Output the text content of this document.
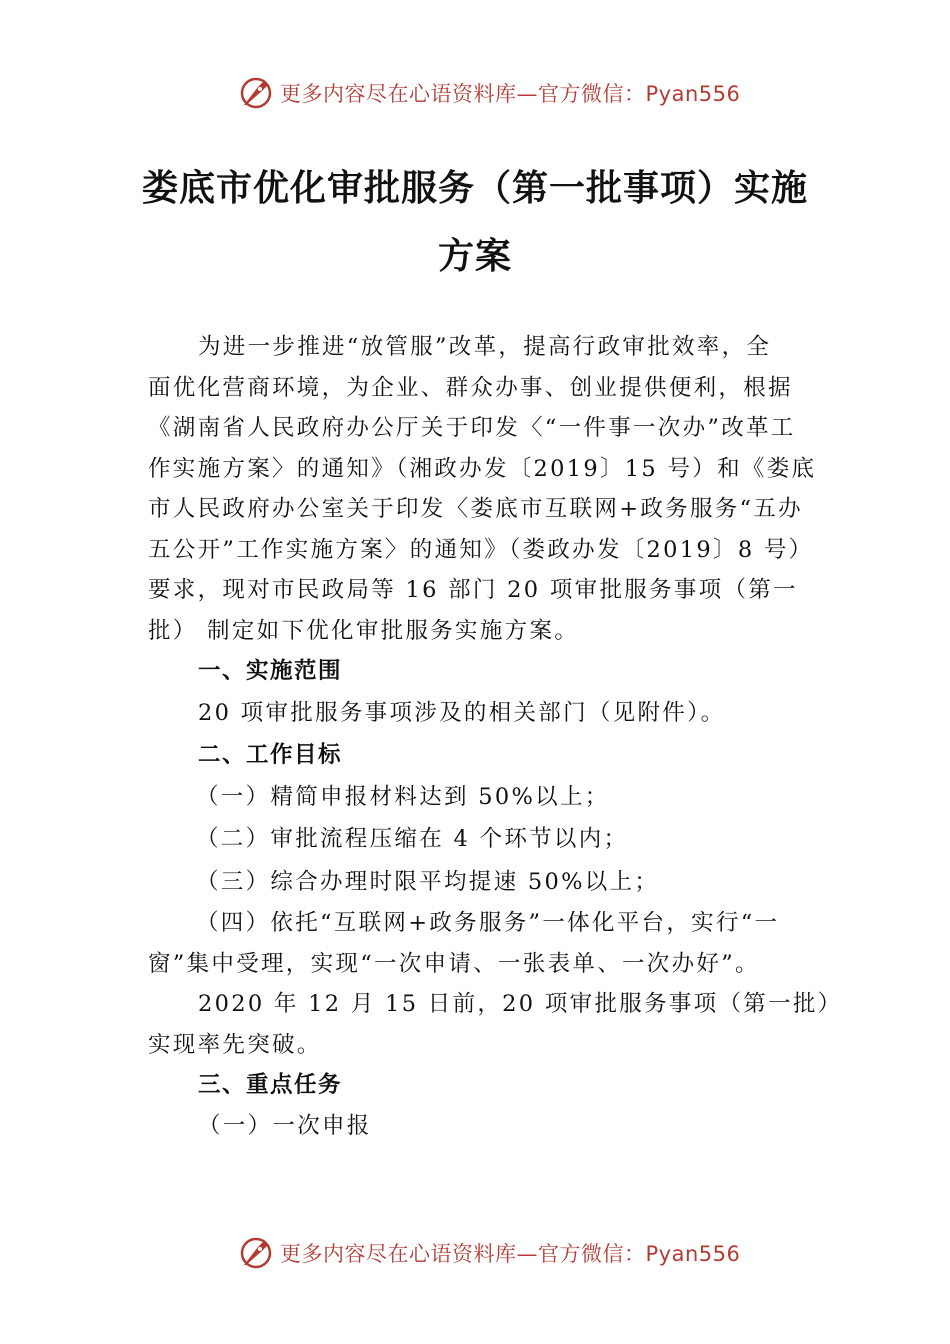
更多内容尽在心语资料库—官方微信：Pyan556
娄底市优化审批服务（第一批事项）实施
方案

为进一步推进“放管服”改革，提高行政审批效率，全
面优化营商环境，为企业、群众办事、创业提供便利，根据
《湖南省人民政府办公厅关于印发〈“一件事一次办”改革工
作实施方案〉的通知》（湘政办发〔2019〕15 号）和《娄底
市人民政府办公室关于印发〈娄底市互联网+政务服务“五办
五公开”工作实施方案〉的通知》（娄政办发〔2019〕8 号）
要求，现对市民政局等 16 部门 20 项审批服务事项（第一
批） 制定如下优化审批服务实施方案。

一、实施范围

20 项审批服务事项涉及的相关部门（见附件）。

二、工作目标

（一）精简申报材料达到 50%以上；

（二）审批流程压缩在 4 个环节以内；

（三）综合办理时限平均提速 50%以上；

（四）依托“互联网+政务服务”一体化平台，实行“一
窗”集中受理，实现“一次申请、一张表单、一次办好”。

2020 年 12 月 15 日前，20 项审批服务事项（第一批）
实现率先突破。

三、重点任务

（一）一次申报

更多内容尽在心语资料库—官方微信：Pyan556
